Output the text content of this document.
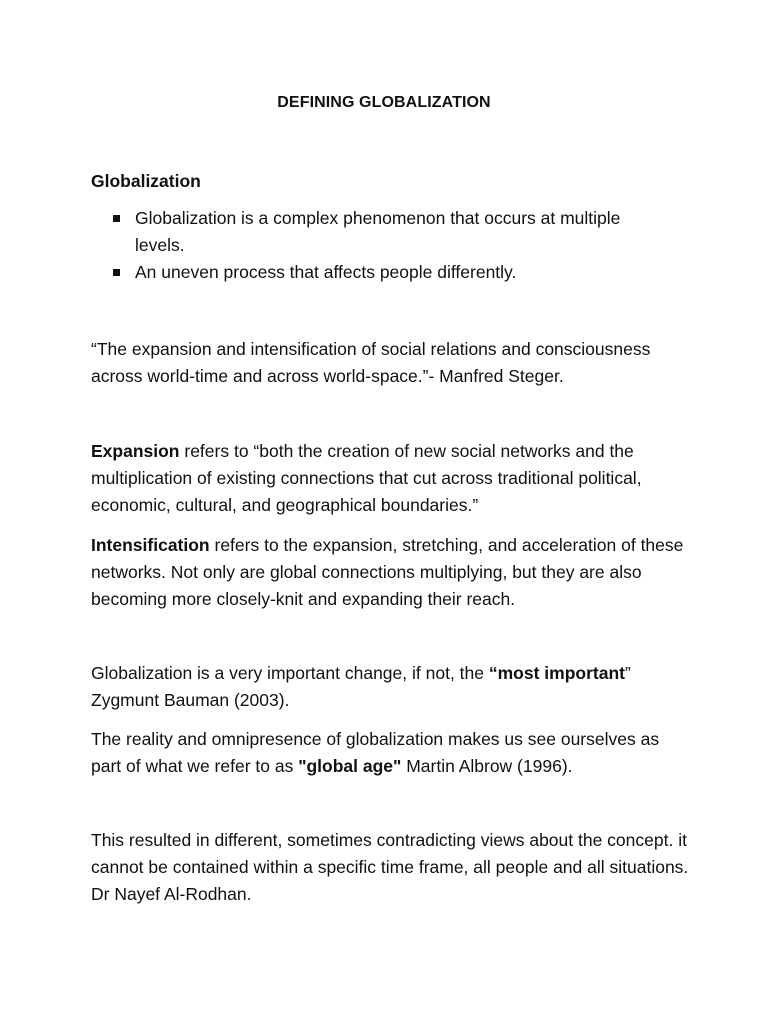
DEFINING GLOBALIZATION

Globalization

Globalization is a complex phenomenon that occurs at multiple levels.
An uneven process that affects people differently.

“The expansion and intensification of social relations and consciousness across world-time and across world-space.”- Manfred Steger.

Expansion refers to “both the creation of new social networks and the multiplication of existing connections that cut across traditional political, economic, cultural, and geographical boundaries.”

Intensification refers to the expansion, stretching, and acceleration of these networks. Not only are global connections multiplying, but they are also becoming more closely-knit and expanding their reach.

Globalization is a very important change, if not, the “most important” Zygmunt Bauman (2003).

The reality and omnipresence of globalization makes us see ourselves as part of what we refer to as "global age" Martin Albrow (1996).

This resulted in different, sometimes contradicting views about the concept. it cannot be contained within a specific time frame, all people and all situations. Dr Nayef Al-Rodhan.
